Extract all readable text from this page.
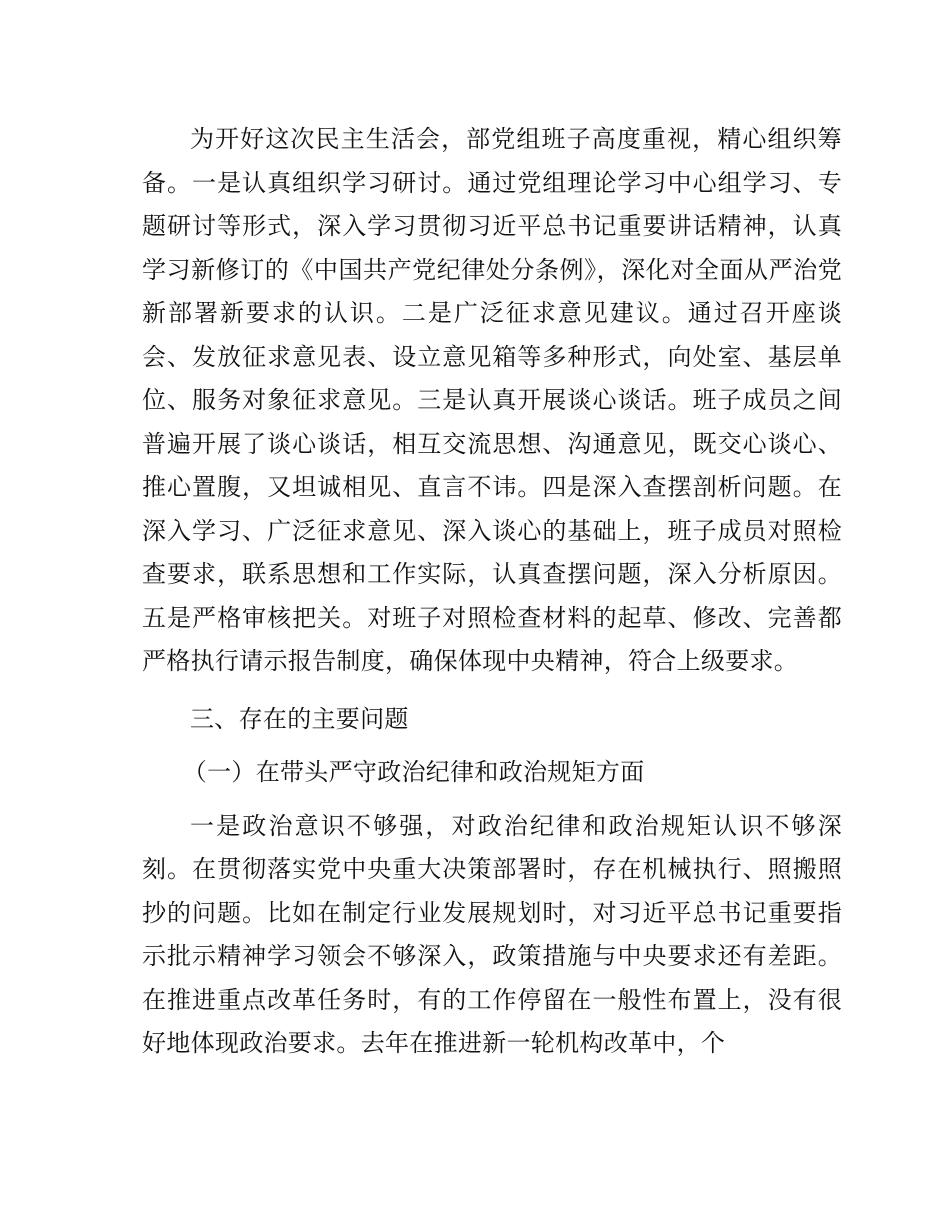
为开好这次民主生活会，部党组班子高度重视，精心组织筹备。一是认真组织学习研讨。通过党组理论学习中心组学习、专题研讨等形式，深入学习贯彻习近平总书记重要讲话精神，认真学习新修订的《中国共产党纪律处分条例》，深化对全面从严治党新部署新要求的认识。二是广泛征求意见建议。通过召开座谈会、发放征求意见表、设立意见箱等多种形式，向处室、基层单位、服务对象征求意见。三是认真开展谈心谈话。班子成员之间普遍开展了谈心谈话，相互交流思想、沟通意见，既交心谈心、推心置腹，又坦诚相见、直言不讳。四是深入查摆剖析问题。在深入学习、广泛征求意见、深入谈心的基础上，班子成员对照检查要求，联系思想和工作实际，认真查摆问题，深入分析原因。五是严格审核把关。对班子对照检查材料的起草、修改、完善都严格执行请示报告制度，确保体现中央精神，符合上级要求。

三、存在的主要问题

（一）在带头严守政治纪律和政治规矩方面

一是政治意识不够强，对政治纪律和政治规矩认识不够深刻。在贯彻落实党中央重大决策部署时，存在机械执行、照搬照抄的问题。比如在制定行业发展规划时，对习近平总书记重要指示批示精神学习领会不够深入，政策措施与中央要求还有差距。在推进重点改革任务时，有的工作停留在一般性布置上，没有很好地体现政治要求。去年在推进新一轮机构改革中，个
